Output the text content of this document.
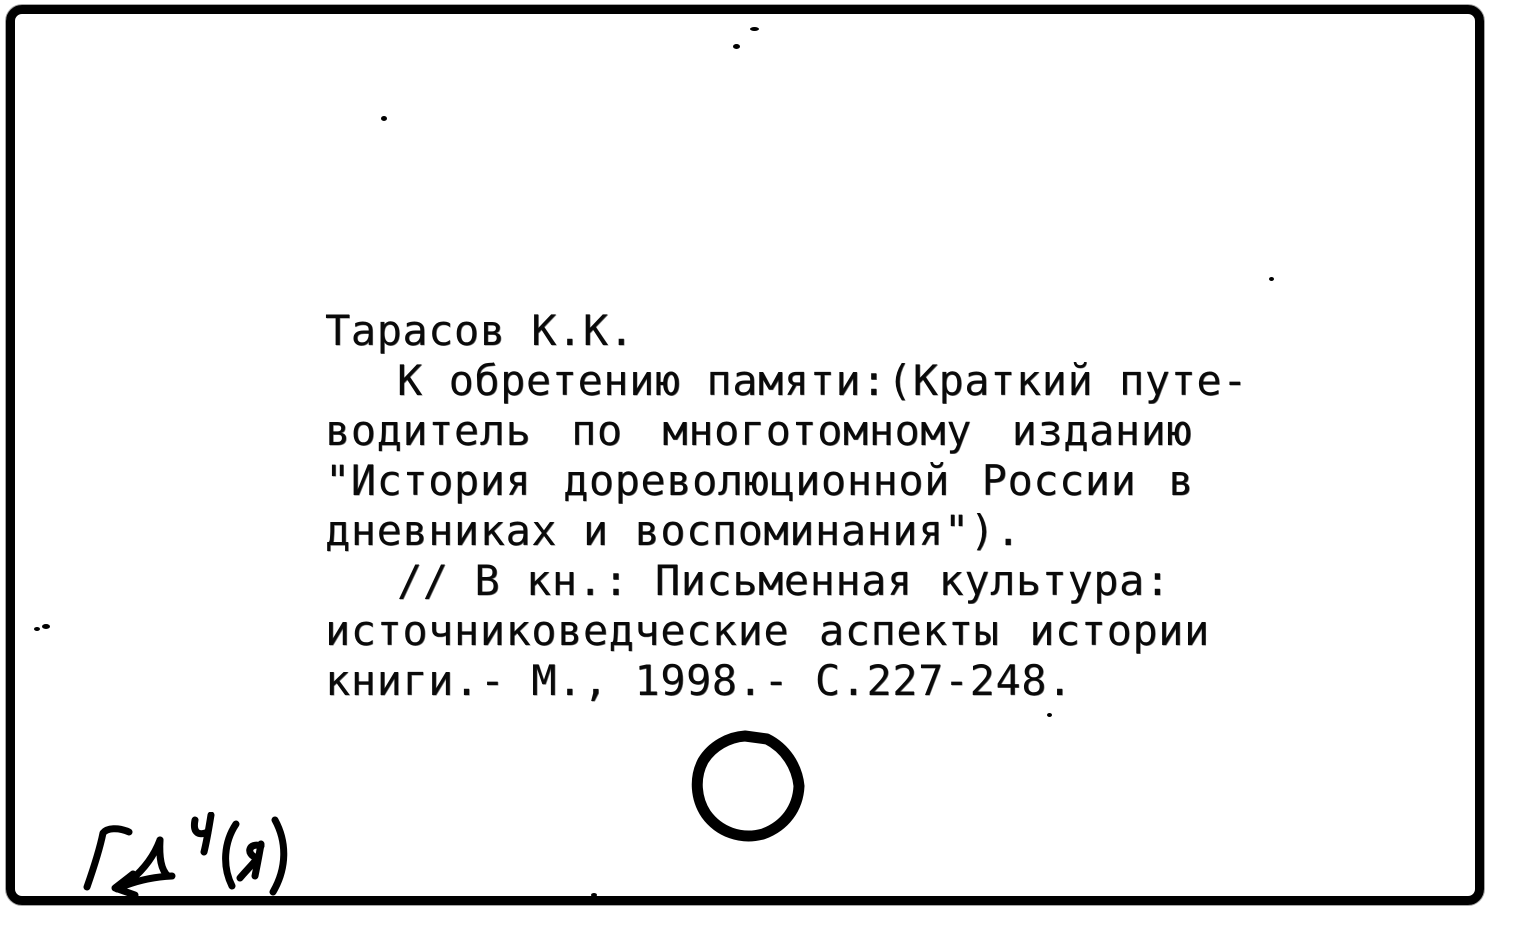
Тарасов К.К.
К обретению памяти:(Краткий путе-
водитель по многотомному изданию
"История дореволюционной России в
дневниках и воспоминания").
// В кн.: Письменная культура:
источниковедческие аспекты истории
книги.- М., 1998.- С.227-248.
